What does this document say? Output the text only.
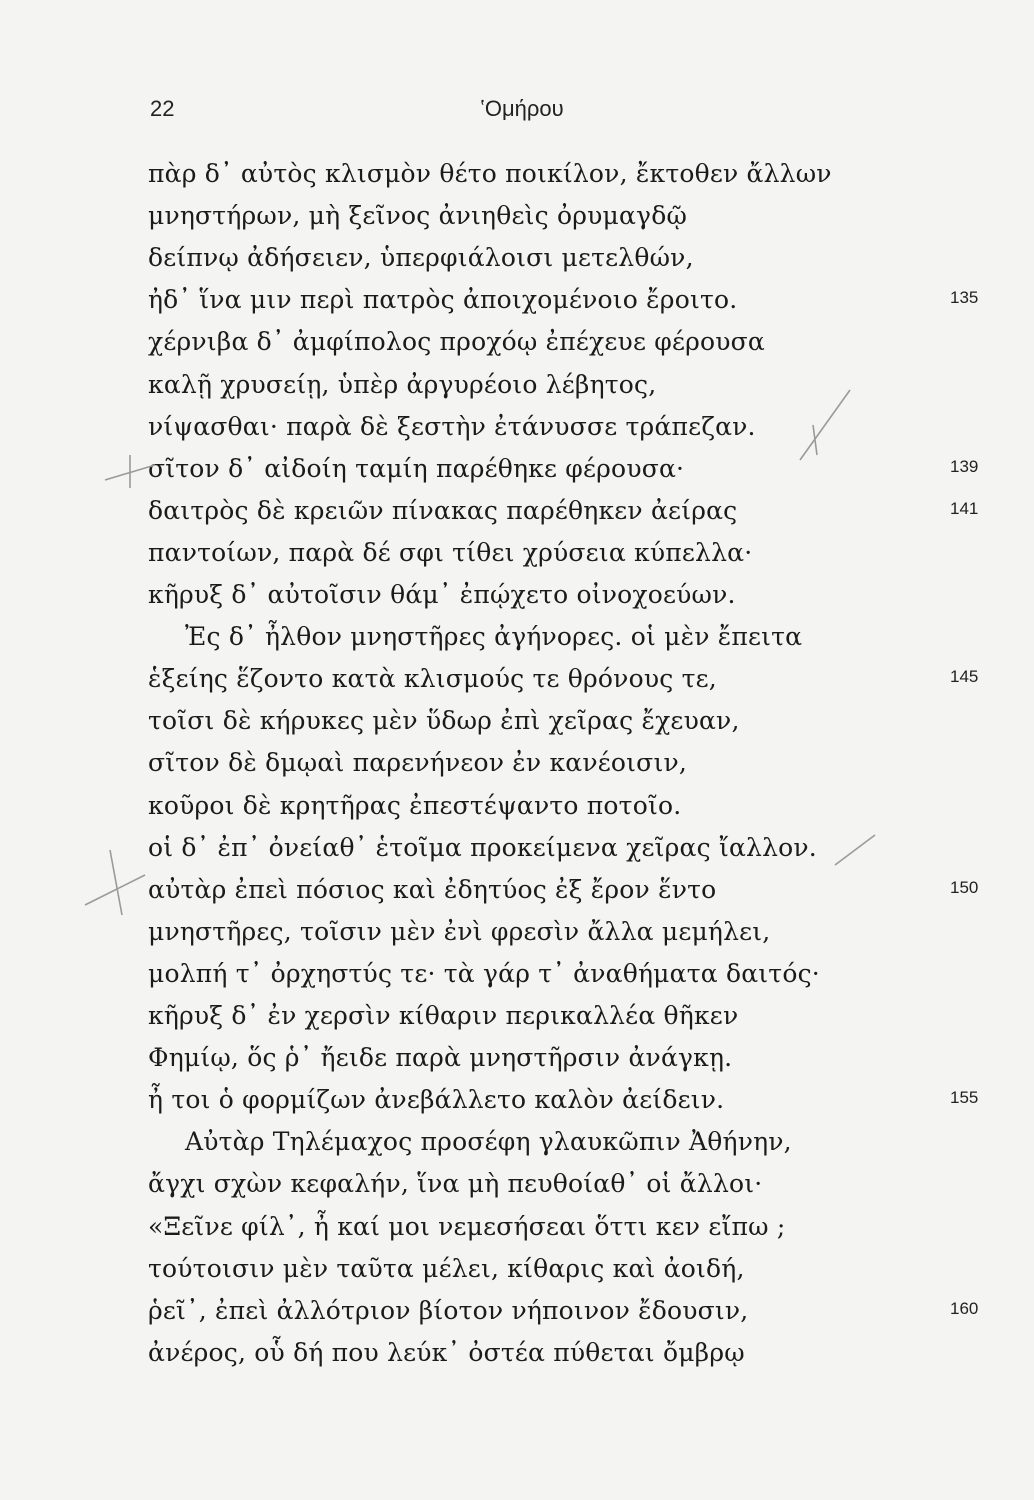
22	ʽΟμήρου
πὰρ δ᾽ αὐτὸς κλισμὸν θέτο ποικίλον, ἔκτοθεν ἄλλων
μνηστήρων, μὴ ξεῖνος ἀνιηθεὶς ὀρυμαγδῷ
δείπνῳ ἀδήσειεν, ὑπερφιάλοισι μετελθών,
ἠδ᾽ ἵνα μιν περὶ πατρὸς ἀποιχομένοιο ἔροιτο.	135
χέρνιβα δ᾽ ἀμφίπολος προχόῳ ἐπέχευε φέρουσα
καλῇ χρυσείῃ, ὑπὲρ ἀργυρέοιο λέβητος,
νίψασθαι· παρὰ δὲ ξεστὴν ἐτάνυσσε τράπεζαν.
σῖτον δ᾽ αἰδοίη ταμίη παρέθηκε φέρουσα·	139
δαιτρὸς δὲ κρειῶν πίνακας παρέθηκεν ἀείρας	141
παντοίων, παρὰ δέ σφι τίθει χρύσεια κύπελλα·
κῆρυξ δ᾽ αὐτοῖσιν θάμ᾽ ἐπῴχετο οἰνοχοεύων.
Ἐς δ᾽ ἦλθον μνηστῆρες ἀγήνορες. οἱ μὲν ἔπειτα
ἑξείης ἕζοντο κατὰ κλισμούς τε θρόνους τε,	145
τοῖσι δὲ κήρυκες μὲν ὕδωρ ἐπὶ χεῖρας ἔχευαν,
σῖτον δὲ δμῳαὶ παρενήνεον ἐν κανέοισιν,
κοῦροι δὲ κρητῆρας ἐπεστέψαντο ποτοῖο.
οἱ δ᾽ ἐπ᾽ ὀνείαθ᾽ ἑτοῖμα προκείμενα χεῖρας ἴαλλον.
αὐτὰρ ἐπεὶ πόσιος καὶ ἐδητύος ἐξ ἔρον ἕντο	150
μνηστῆρες, τοῖσιν μὲν ἐνὶ φρεσὶν ἄλλα μεμήλει,
μολπή τ᾽ ὀρχηστύς τε· τὰ γάρ τ᾽ ἀναθήματα δαιτός·
κῆρυξ δ᾽ ἐν χερσὶν κίθαριν περικαλλέα θῆκεν
Φημίῳ, ὅς ῥ᾽ ἤειδε παρὰ μνηστῆρσιν ἀνάγκῃ.
ἦ τοι ὁ φορμίζων ἀνεβάλλετο καλὸν ἀείδειν.	155
Αὐτὰρ Τηλέμαχος προσέφη γλαυκῶπιν Ἀθήνην,
ἄγχι σχὼν κεφαλήν, ἵνα μὴ πευθοίαθ᾽ οἱ ἄλλοι·
«Ξεῖνε φίλ᾽, ἦ καί μοι νεμεσήσεαι ὅττι κεν εἴπω ;
τούτοισιν μὲν ταῦτα μέλει, κίθαρις καὶ ἀοιδή,
ῥεῖ᾽, ἐπεὶ ἀλλότριον βίοτον νήποινον ἔδουσιν,	160
ἀνέρος, οὗ δή που λεύκ᾽ ὀστέα πύθεται ὄμβρῳ
